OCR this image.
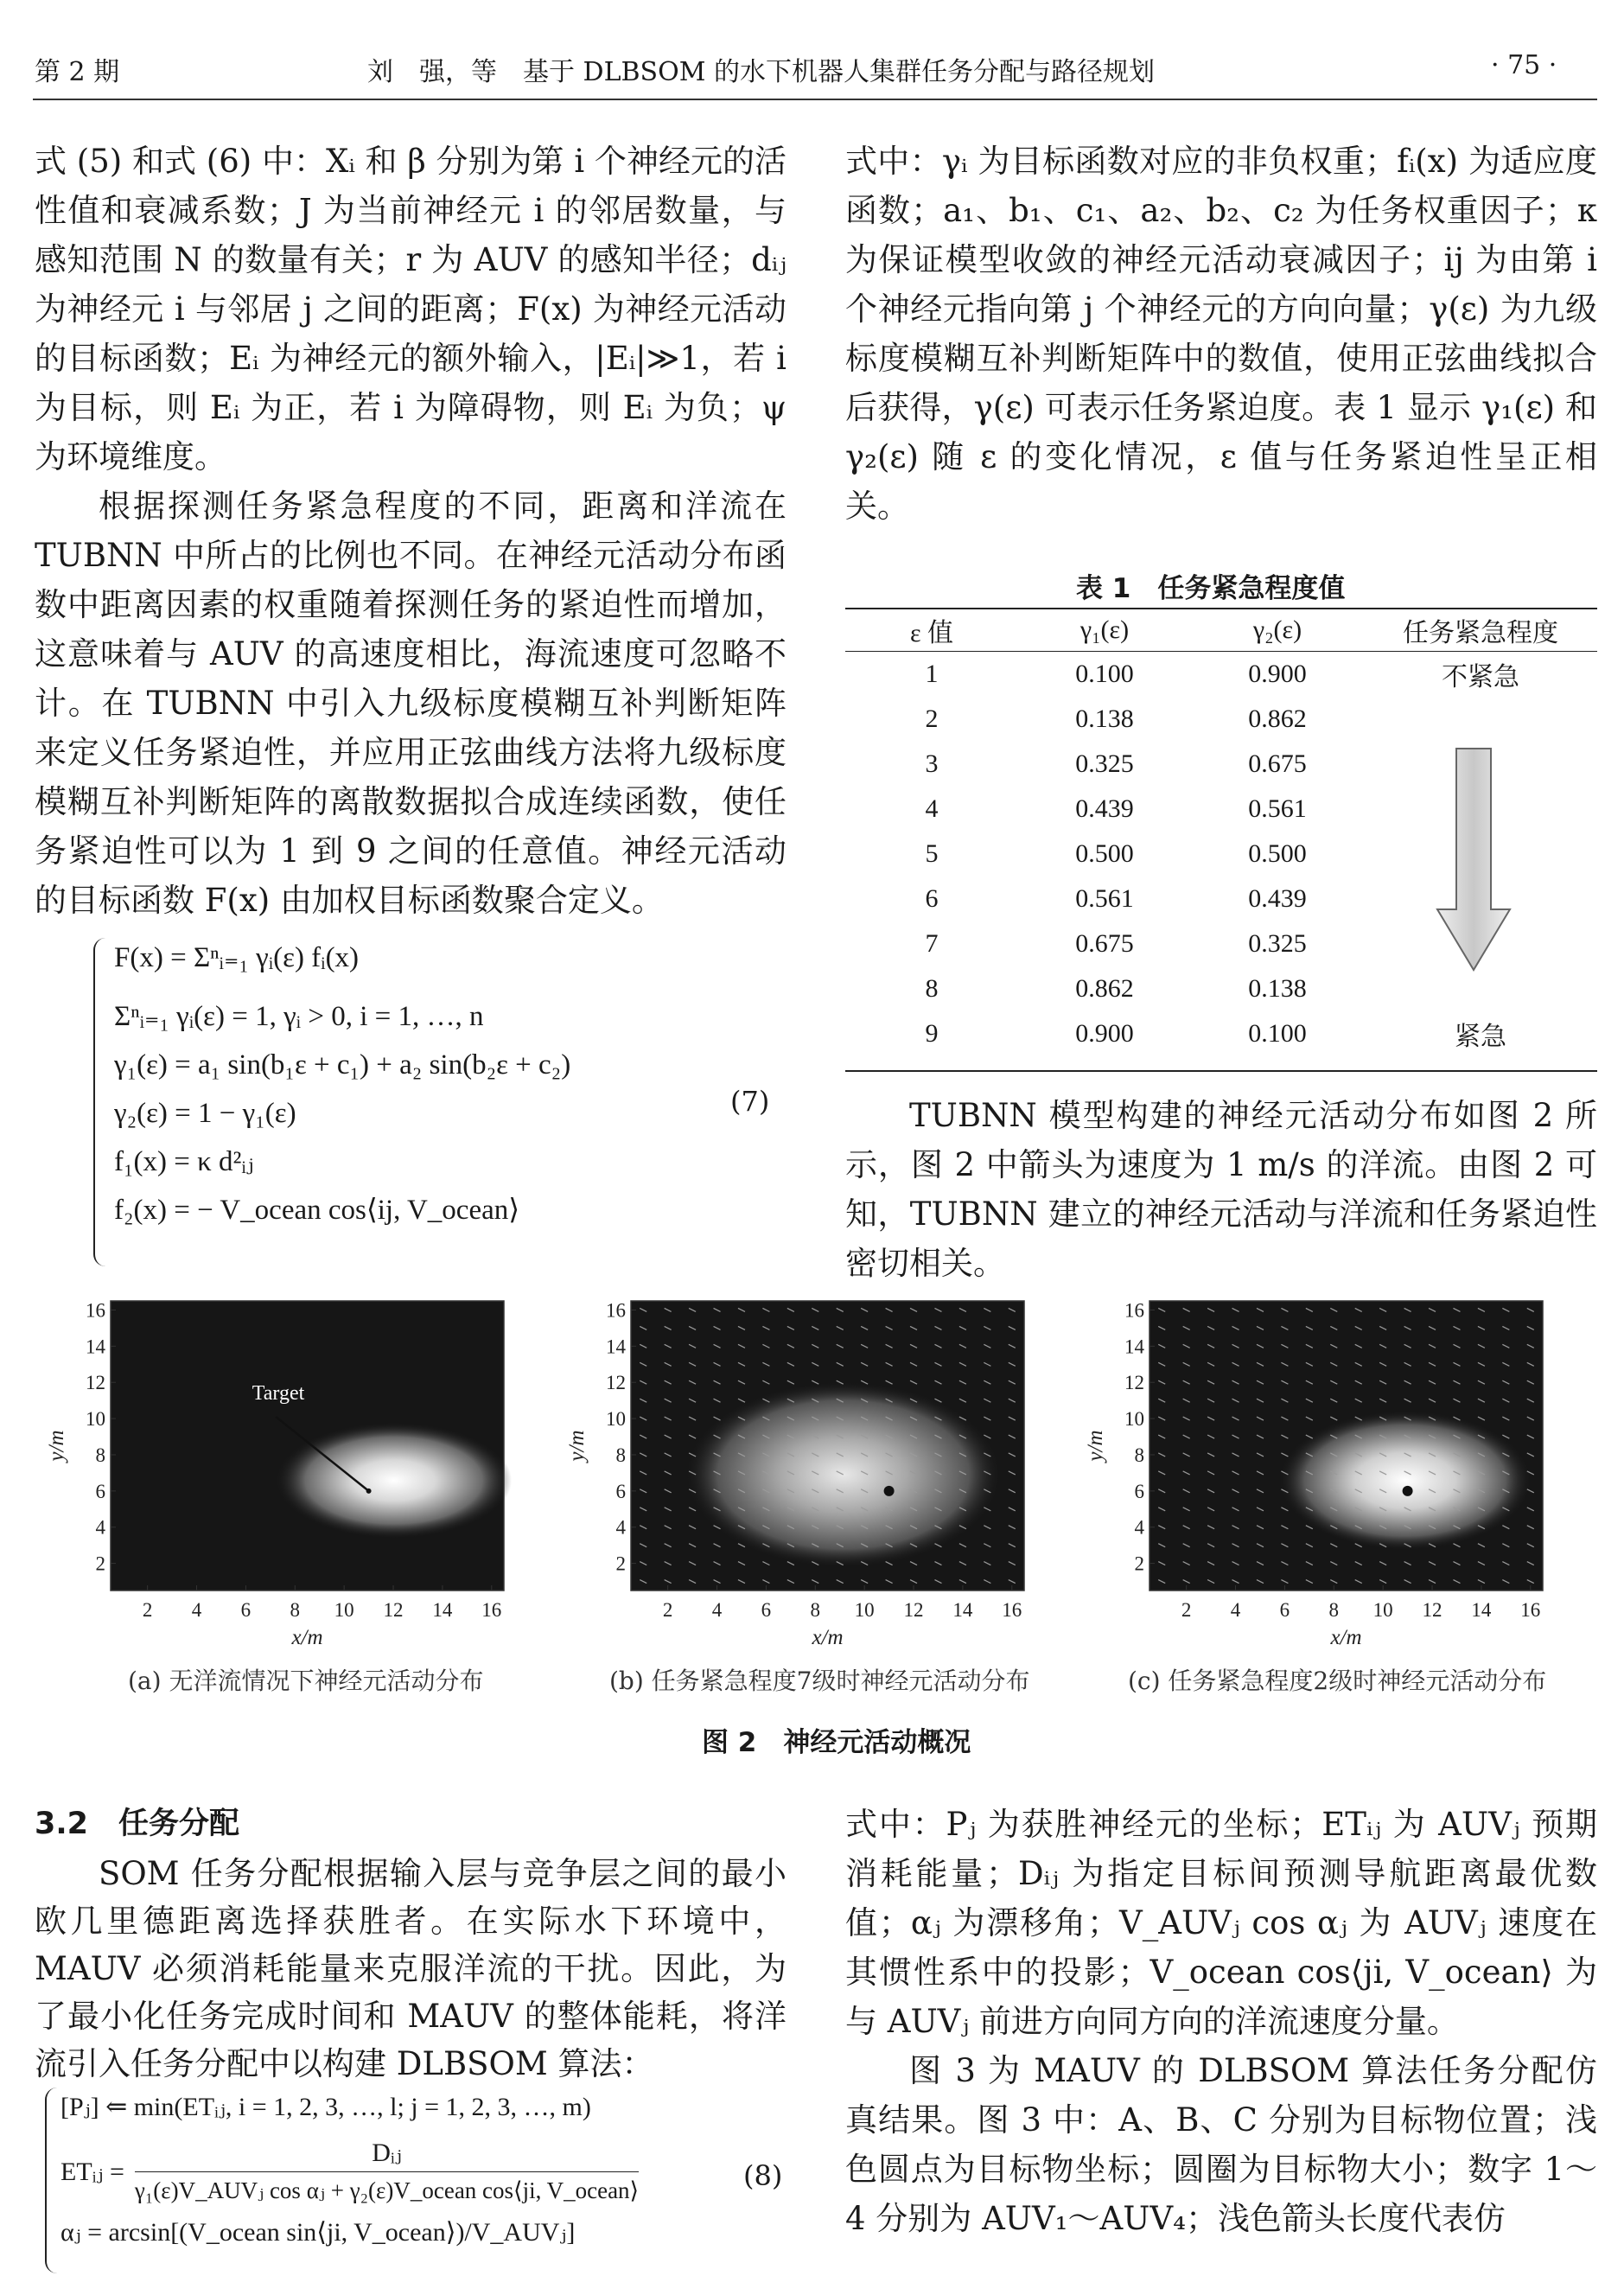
第 2 期	刘　强，等　基于 DLBSOM 的水下机器人集群任务分配与路径规划	· 75 ·

式 (5) 和式 (6) 中：Xᵢ 和 β 分别为第 i 个神经元的活性值和衰减系数；J 为当前神经元 i 的邻居数量，与感知范围 N 的数量有关；r 为 AUV 的感知半径；dᵢⱼ 为神经元 i 与邻居 j 之间的距离；F(x) 为神经元活动的目标函数；Eᵢ 为神经元的额外输入，|Eᵢ|≫1，若 i 为目标，则 Eᵢ 为正，若 i 为障碍物，则 Eᵢ 为负；ψ 为环境维度。

根据探测任务紧急程度的不同，距离和洋流在 TUBNN 中所占的比例也不同。在神经元活动分布函数中距离因素的权重随着探测任务的紧迫性而增加，这意味着与 AUV 的高速度相比，海流速度可忽略不计。在 TUBNN 中引入九级标度模糊互补判断矩阵来定义任务紧迫性，并应用正弦曲线方法将九级标度模糊互补判断矩阵的离散数据拟合成连续函数，使任务紧迫性可以为 1 到 9 之间的任意值。神经元活动的目标函数 F(x) 由加权目标函数聚合定义。

F(x) = Σⁿᵢ₌₁ γᵢ(ε) fᵢ(x)
Σⁿᵢ₌₁ γᵢ(ε) = 1, γᵢ > 0, i = 1, …, n
γ₁(ε) = a₁ sin(b₁ε + c₁) + a₂ sin(b₂ε + c₂)
γ₂(ε) = 1 − γ₁(ε)
f₁(x) = κ d²ᵢⱼ
f₂(x) = − V_ocean cos⟨ij, V_ocean⟩
(7)

式中：γᵢ 为目标函数对应的非负权重；fᵢ(x) 为适应度函数；a₁、b₁、c₁、a₂、b₂、c₂ 为任务权重因子；κ 为保证模型收敛的神经元活动衰减因子；ij 为由第 i 个神经元指向第 j 个神经元的方向向量；γ(ε) 为九级标度模糊互补判断矩阵中的数值，使用正弦曲线拟合后获得，γ(ε) 可表示任务紧迫度。表 1 显示 γ₁(ε) 和 γ₂(ε) 随 ε 的变化情况，ε 值与任务紧迫性呈正相关。

表 1　任务紧急程度值
ε 值	γ₁(ε)	γ₂(ε)	任务紧急程度
1	0.100	0.900	不紧急
2	0.138	0.862	
3	0.325	0.675	
4	0.439	0.561	
5	0.500	0.500	
6	0.561	0.439	
7	0.675	0.325	
8	0.862	0.138	
9	0.900	0.100	紧急

TUBNN 模型构建的神经元活动分布如图 2 所示，图 2 中箭头为速度为 1 m/s 的洋流。由图 2 可知，TUBNN 建立的神经元活动与洋流和任务紧迫性密切相关。

Target
2 4 6 8 10 12 14 16
2
4
6
8
10
12
14
16
x/m
y/m
2 4 6 8 10 12 14 16
2
4
6
8
10
12
14
16
x/m
y/m
2 4 6 8 10 12 14 16
2
4
6
8
10
12
14
16
x/m
y/m
(a) 无洋流情况下神经元活动分布	(b) 任务紧急程度7级时神经元活动分布	(c) 任务紧急程度2级时神经元活动分布
图 2　神经元活动概况
3.2　任务分配

SOM 任务分配根据输入层与竞争层之间的最小欧几里德距离选择获胜者。在实际水下环境中，MAUV 必须消耗能量来克服洋流的干扰。因此，为了最小化任务完成时间和 MAUV 的整体能耗，将洋流引入任务分配中以构建 DLBSOM 算法：

[Pⱼ] ⇐ min(ETᵢⱼ, i = 1, 2, 3, …, l; j = 1, 2, 3, …, m)
ETᵢⱼ =
Dᵢⱼ
γ₁(ε)V_AUVⱼ cos αⱼ + γ₂(ε)V_ocean cos⟨ji, V_ocean⟩
αⱼ = arcsin[(V_ocean sin⟨ji, V_ocean⟩)/V_AUVⱼ]
(8)

式中：Pⱼ 为获胜神经元的坐标；ETᵢⱼ 为 AUVⱼ 预期消耗能量；Dᵢⱼ 为指定目标间预测导航距离最优数值；αⱼ 为漂移角；V_AUVⱼ cos αⱼ 为 AUVⱼ 速度在其惯性系中的投影；V_ocean cos⟨ji, V_ocean⟩ 为与 AUVⱼ 前进方向同方向的洋流速度分量。

图 3 为 MAUV 的 DLBSOM 算法任务分配仿真结果。图 3 中：A、B、C 分别为目标物位置；浅色圆点为目标物坐标；圆圈为目标物大小；数字 1～4 分别为 AUV₁～AUV₄；浅色箭头长度代表仿
